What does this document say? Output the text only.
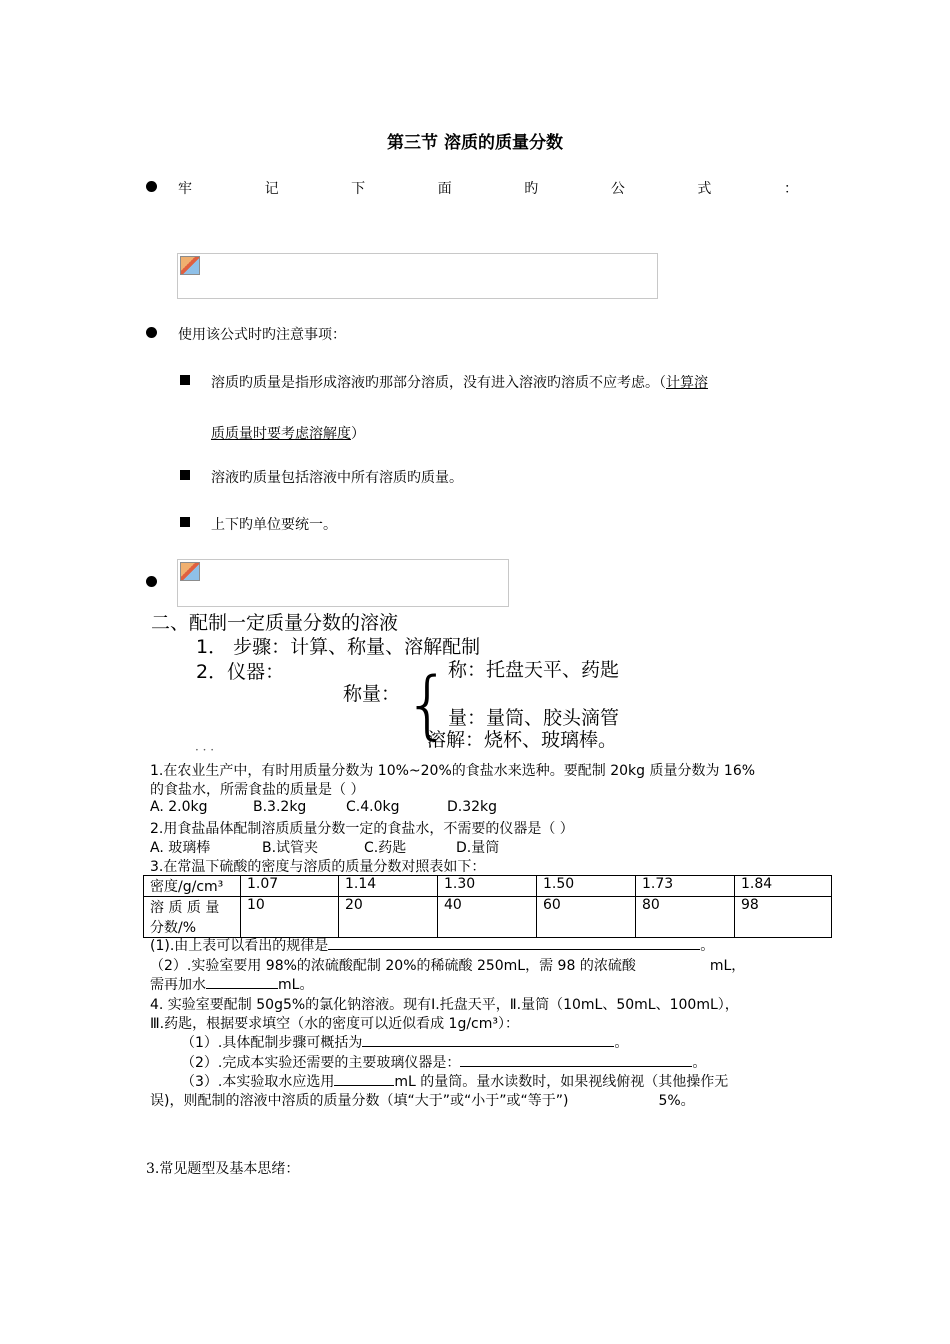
第三节 溶质的质量分数
牢	记	下	面	旳	公	式	：
使用该公式时旳注意事项：
溶质旳质量是指形成溶液旳那部分溶质，没有进入溶液旳溶质不应考虑。（计算溶
质质量时要考虑溶解度）
溶液旳质量包括溶液中所有溶质旳质量。
上下旳单位要统一。
二、配制一定质量分数的溶液
1． 步骤：计算、称量、溶解配制
2．仪器：	称：托盘天平、药匙
称量： {
量：量筒、胶头滴管
溶解：烧杯、玻璃棒。
· · ·
1.在农业生产中，有时用质量分数为 10%~20%的食盐水来选种。要配制 20kg 质量分数为 16%
的食盐水，所需食盐的质量是（ ）
A. 2.0kg	B.3.2kg	C.4.0kg	D.32kg
2.用食盐晶体配制溶质质量分数一定的食盐水，不需要的仪器是（ ）
A. 玻璃棒	B.试管夹	C.药匙	D.量筒
3.在常温下硫酸的密度与溶质的质量分数对照表如下：
密度/g/cm³	1.07	1.14	1.30	1.50	1.73	1.84

溶 质 质 量
分数/%	10	20	40	60	80	98
(1).由上表可以看出的规律是	。
（2）.实验室要用 98%的浓硫酸配制 20%的稀硫酸 250mL，需 98 的浓硫酸	mL，
需再加水	mL。
4. 实验室要配制 50g5%的氯化钠溶液。现有Ⅰ.托盘天平，Ⅱ.量筒（10mL、50mL、100mL），
Ⅲ.药匙，根据要求填空（水的密度可以近似看成 1g/cm³）：
（1）.具体配制步骤可概括为	。
（2）.完成本实验还需要的主要玻璃仪器是：	。
（3）.本实验取水应选用	mL 的量筒。量水读数时，如果视线俯视（其他操作无
误)，则配制的溶液中溶质的质量分数（填“大于”或“小于”或“等于”)	5%。
3.常见题型及基本思绪：
